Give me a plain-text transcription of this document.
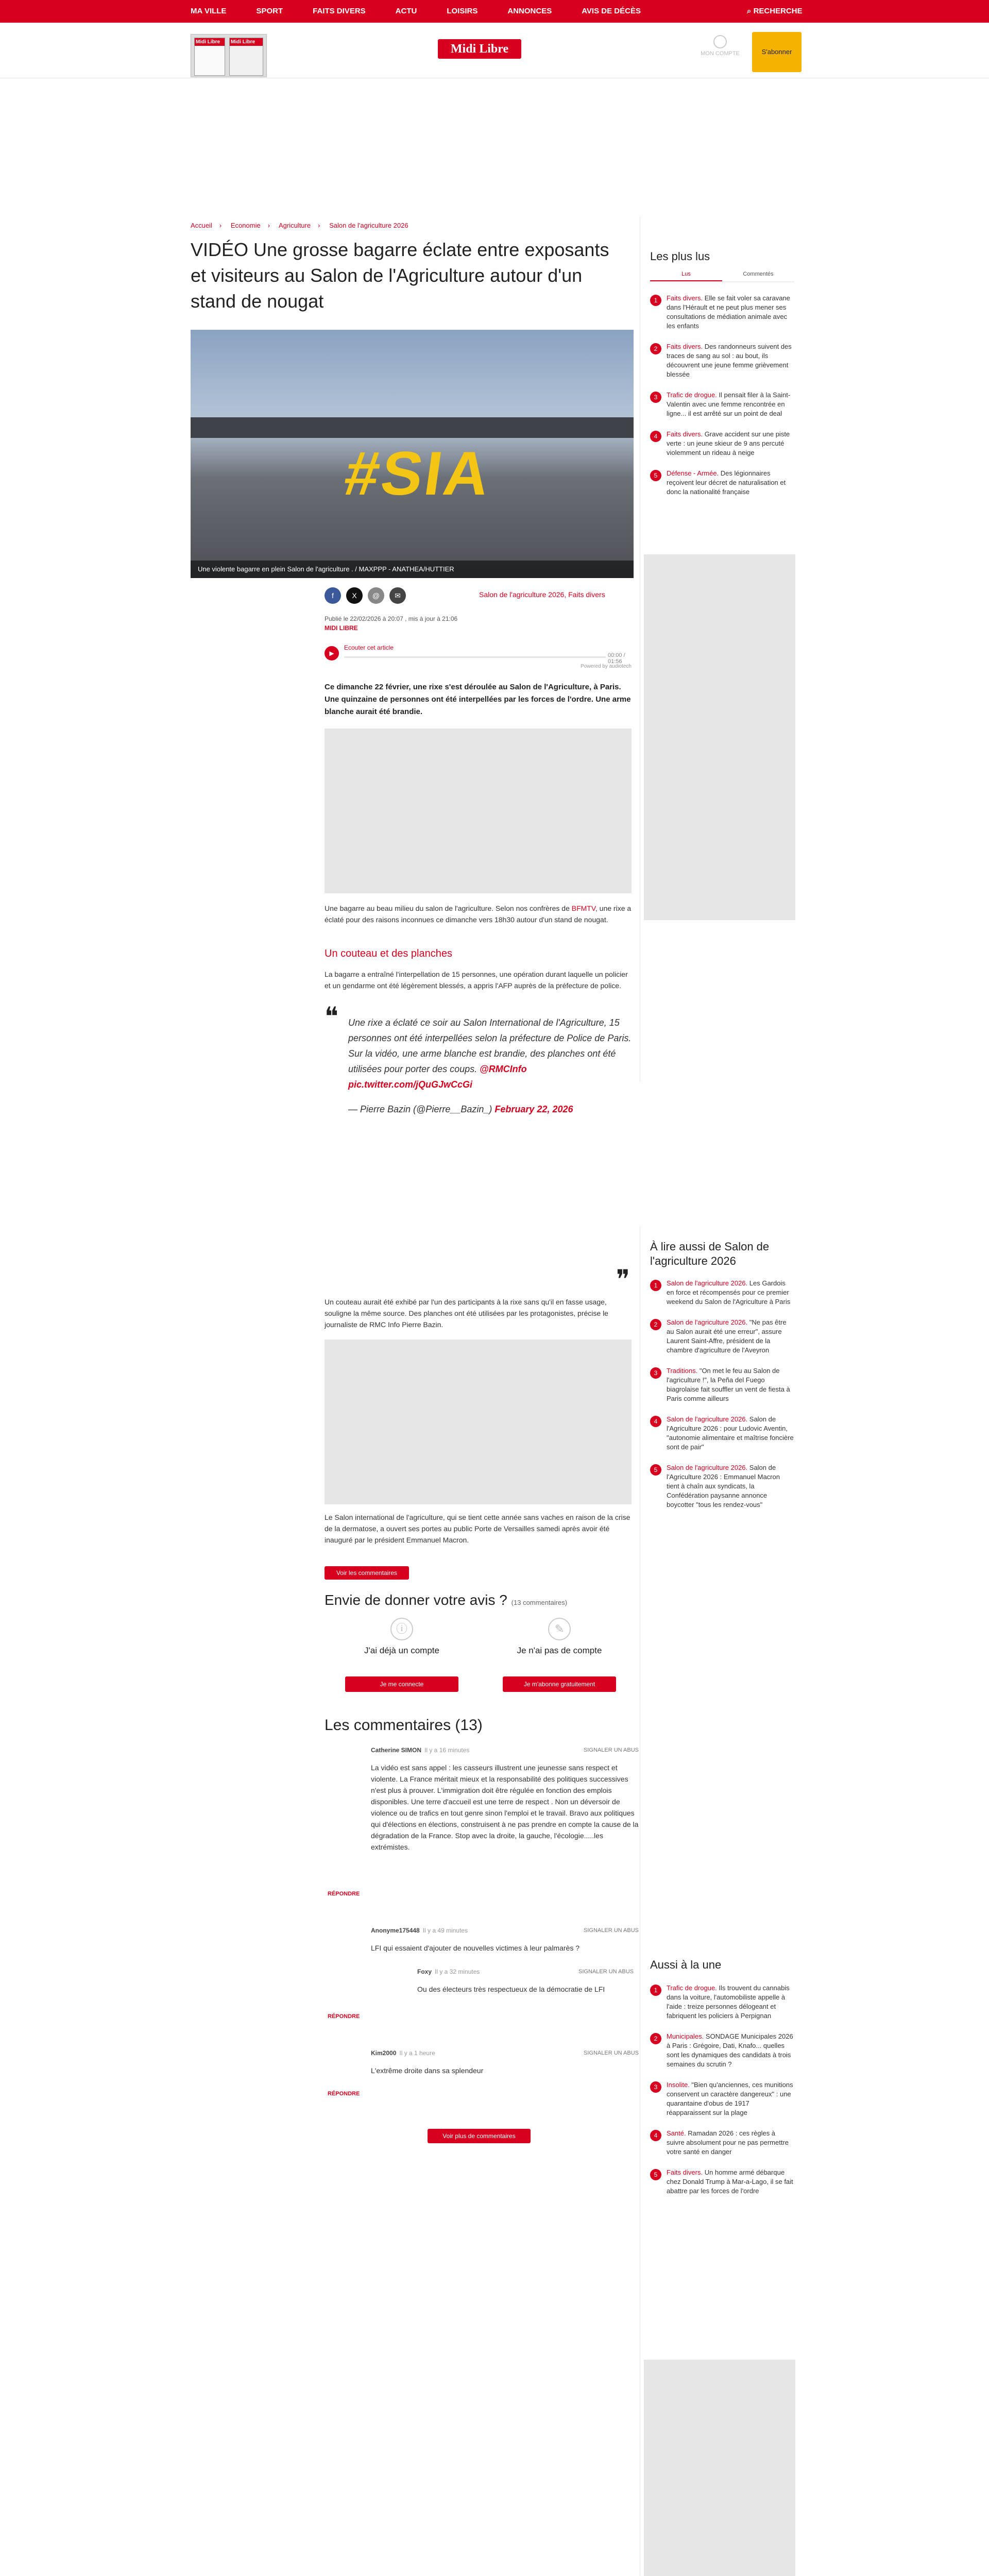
MA VILLE	SPORT	FAITS DIVERS	ACTU	LOISIRS	ANNONCES	AVIS DE DÉCÈS	⌕ RECHERCHE
Midi Libre	Midi Libre
Midi Libre	MON COMPTE	S'abonner
Accueil › Economie › Agriculture › Salon de l'agriculture 2026
VIDÉO Une grosse bagarre éclate entre exposants et visiteurs au Salon de l'Agriculture autour d'un stand de nougat
#SIA
Une violente bagarre en plein Salon de l'agriculture . / MAXPPP - ANATHEA/HUTTIER
f	X	@	✉	Salon de l'agriculture 2026, Faits divers
Publié le 22/02/2026 à 20:07 , mis à jour à 21:06
MIDI LIBRE
▶
Ecouter cet article
00:00 / 01:56
Powered by audiotech
Ce dimanche 22 février, une rixe s'est déroulée au Salon de l'Agriculture, à Paris. Une quinzaine de personnes ont été interpellées par les forces de l'ordre. Une arme blanche aurait été brandie.
Une bagarre au beau milieu du salon de l'agriculture. Selon nos confrères de BFMTV, une rixe a éclaté pour des raisons inconnues ce dimanche vers 18h30 autour d'un stand de nougat.
Un couteau et des planches
La bagarre a entraîné l'interpellation de 15 personnes, une opération durant laquelle un policier et un gendarme ont été légèrement blessés, a appris l'AFP auprès de la préfecture de police.
❝ Une rixe a éclaté ce soir au Salon International de l'Agriculture, 15 personnes ont été interpellées selon la préfecture de Police de Paris. Sur la vidéo, une arme blanche est brandie, des planches ont été utilisées pour porter des coups. @RMCInfo pic.twitter.com/jQuGJwCcGi
— Pierre Bazin (@Pierre__Bazin_) February 22, 2026
❞
Un couteau aurait été exhibé par l'un des participants à la rixe sans qu'il en fasse usage, souligne la même source. Des planches ont été utilisées par les protagonistes, précise le journaliste de RMC Info Pierre Bazin.
Le Salon international de l'agriculture, qui se tient cette année sans vaches en raison de la crise de la dermatose, a ouvert ses portes au public Porte de Versailles samedi après avoir été inauguré par le président Emmanuel Macron.
Voir les commentaires
Envie de donner votre avis ? (13 commentaires)
ⓘ
J'ai déjà un compte
✎
Je n'ai pas de compte
Je me connecte	Je m'abonne gratuitement
Les commentaires (13)
Catherine SIMON Il y a 16 minutes	SIGNALER UN ABUS
La vidéo est sans appel : les casseurs illustrent une jeunesse sans respect et violente. La France méritait mieux et la responsabilité des politiques successives n'est plus à prouver. L'immigration doit être régulée en fonction des emplois disponibles. Une terre d'accueil est une terre de respect . Non un déversoir de violence ou de trafics en tout genre sinon l'emploi et le travail. Bravo aux politiques qui d'élections en élections, construisent à ne pas prendre en compte la cause de la dégradation de la France. Stop avec la droite, la gauche, l'écologie.....les extrémistes.
RÉPONDRE
Anonyme175448 Il y a 49 minutes	SIGNALER UN ABUS
LFI qui essaient d'ajouter de nouvelles victimes à leur palmarès ?
Foxy Il y a 32 minutes	SIGNALER UN ABUS
Ou des électeurs très respectueux de la démocratie de LFI
RÉPONDRE
Kim2000 Il y a 1 heure	SIGNALER UN ABUS
L'extrême droite dans sa splendeur
RÉPONDRE
Voir plus de commentaires
Les plus lus
Lus	Commentés
1	Faits divers. Elle se fait voler sa caravane dans l'Hérault et ne peut plus mener ses consultations de médiation animale avec les enfants
2	Faits divers. Des randonneurs suivent des traces de sang au sol : au bout, ils découvrent une jeune femme grièvement blessée
3	Trafic de drogue. Il pensait filer à la Saint-Valentin avec une femme rencontrée en ligne... il est arrêté sur un point de deal
4	Faits divers. Grave accident sur une piste verte : un jeune skieur de 9 ans percuté violemment un rideau à neige
5	Défense - Armée. Des légionnaires reçoivent leur décret de naturalisation et donc la nationalité française
À lire aussi de Salon de l'agriculture 2026
1	Salon de l'agriculture 2026. Les Gardois en force et récompensés pour ce premier weekend du Salon de l'Agriculture à Paris
2	Salon de l'agriculture 2026. "Ne pas être au Salon aurait été une erreur", assure Laurent Saint-Affre, président de la chambre d'agriculture de l'Aveyron
3	Traditions. "On met le feu au Salon de l'agriculture !", la Peña del Fuego biagrolaise fait souffler un vent de fiesta à Paris comme ailleurs
4	Salon de l'agriculture 2026. Salon de l'Agriculture 2026 : pour Ludovic Aventin, "autonomie alimentaire et maîtrise foncière sont de pair"
5	Salon de l'agriculture 2026. Salon de l'Agriculture 2026 : Emmanuel Macron tient à chaîn aux syndicats, la Confédération paysanne annonce boycotter "tous les rendez-vous"
Aussi à la une
1	Trafic de drogue. Ils trouvent du cannabis dans la voiture, l'automobiliste appelle à l'aide : treize personnes délogeant et fabriquent les policiers à Perpignan
2	Municipales. SONDAGE Municipales 2026 à Paris : Grégoire, Dati, Knafo... quelles sont les dynamiques des candidats à trois semaines du scrutin ?
3	Insolite. "Bien qu'anciennes, ces munitions conservent un caractère dangereux" : une quarantaine d'obus de 1917 réapparaissent sur la plage
4	Santé. Ramadan 2026 : ces règles à suivre absolument pour ne pas permettre votre santé en danger
5	Faits divers. Un homme armé débarque chez Donald Trump à Mar-a-Lago, il se fait abattre par les forces de l'ordre
